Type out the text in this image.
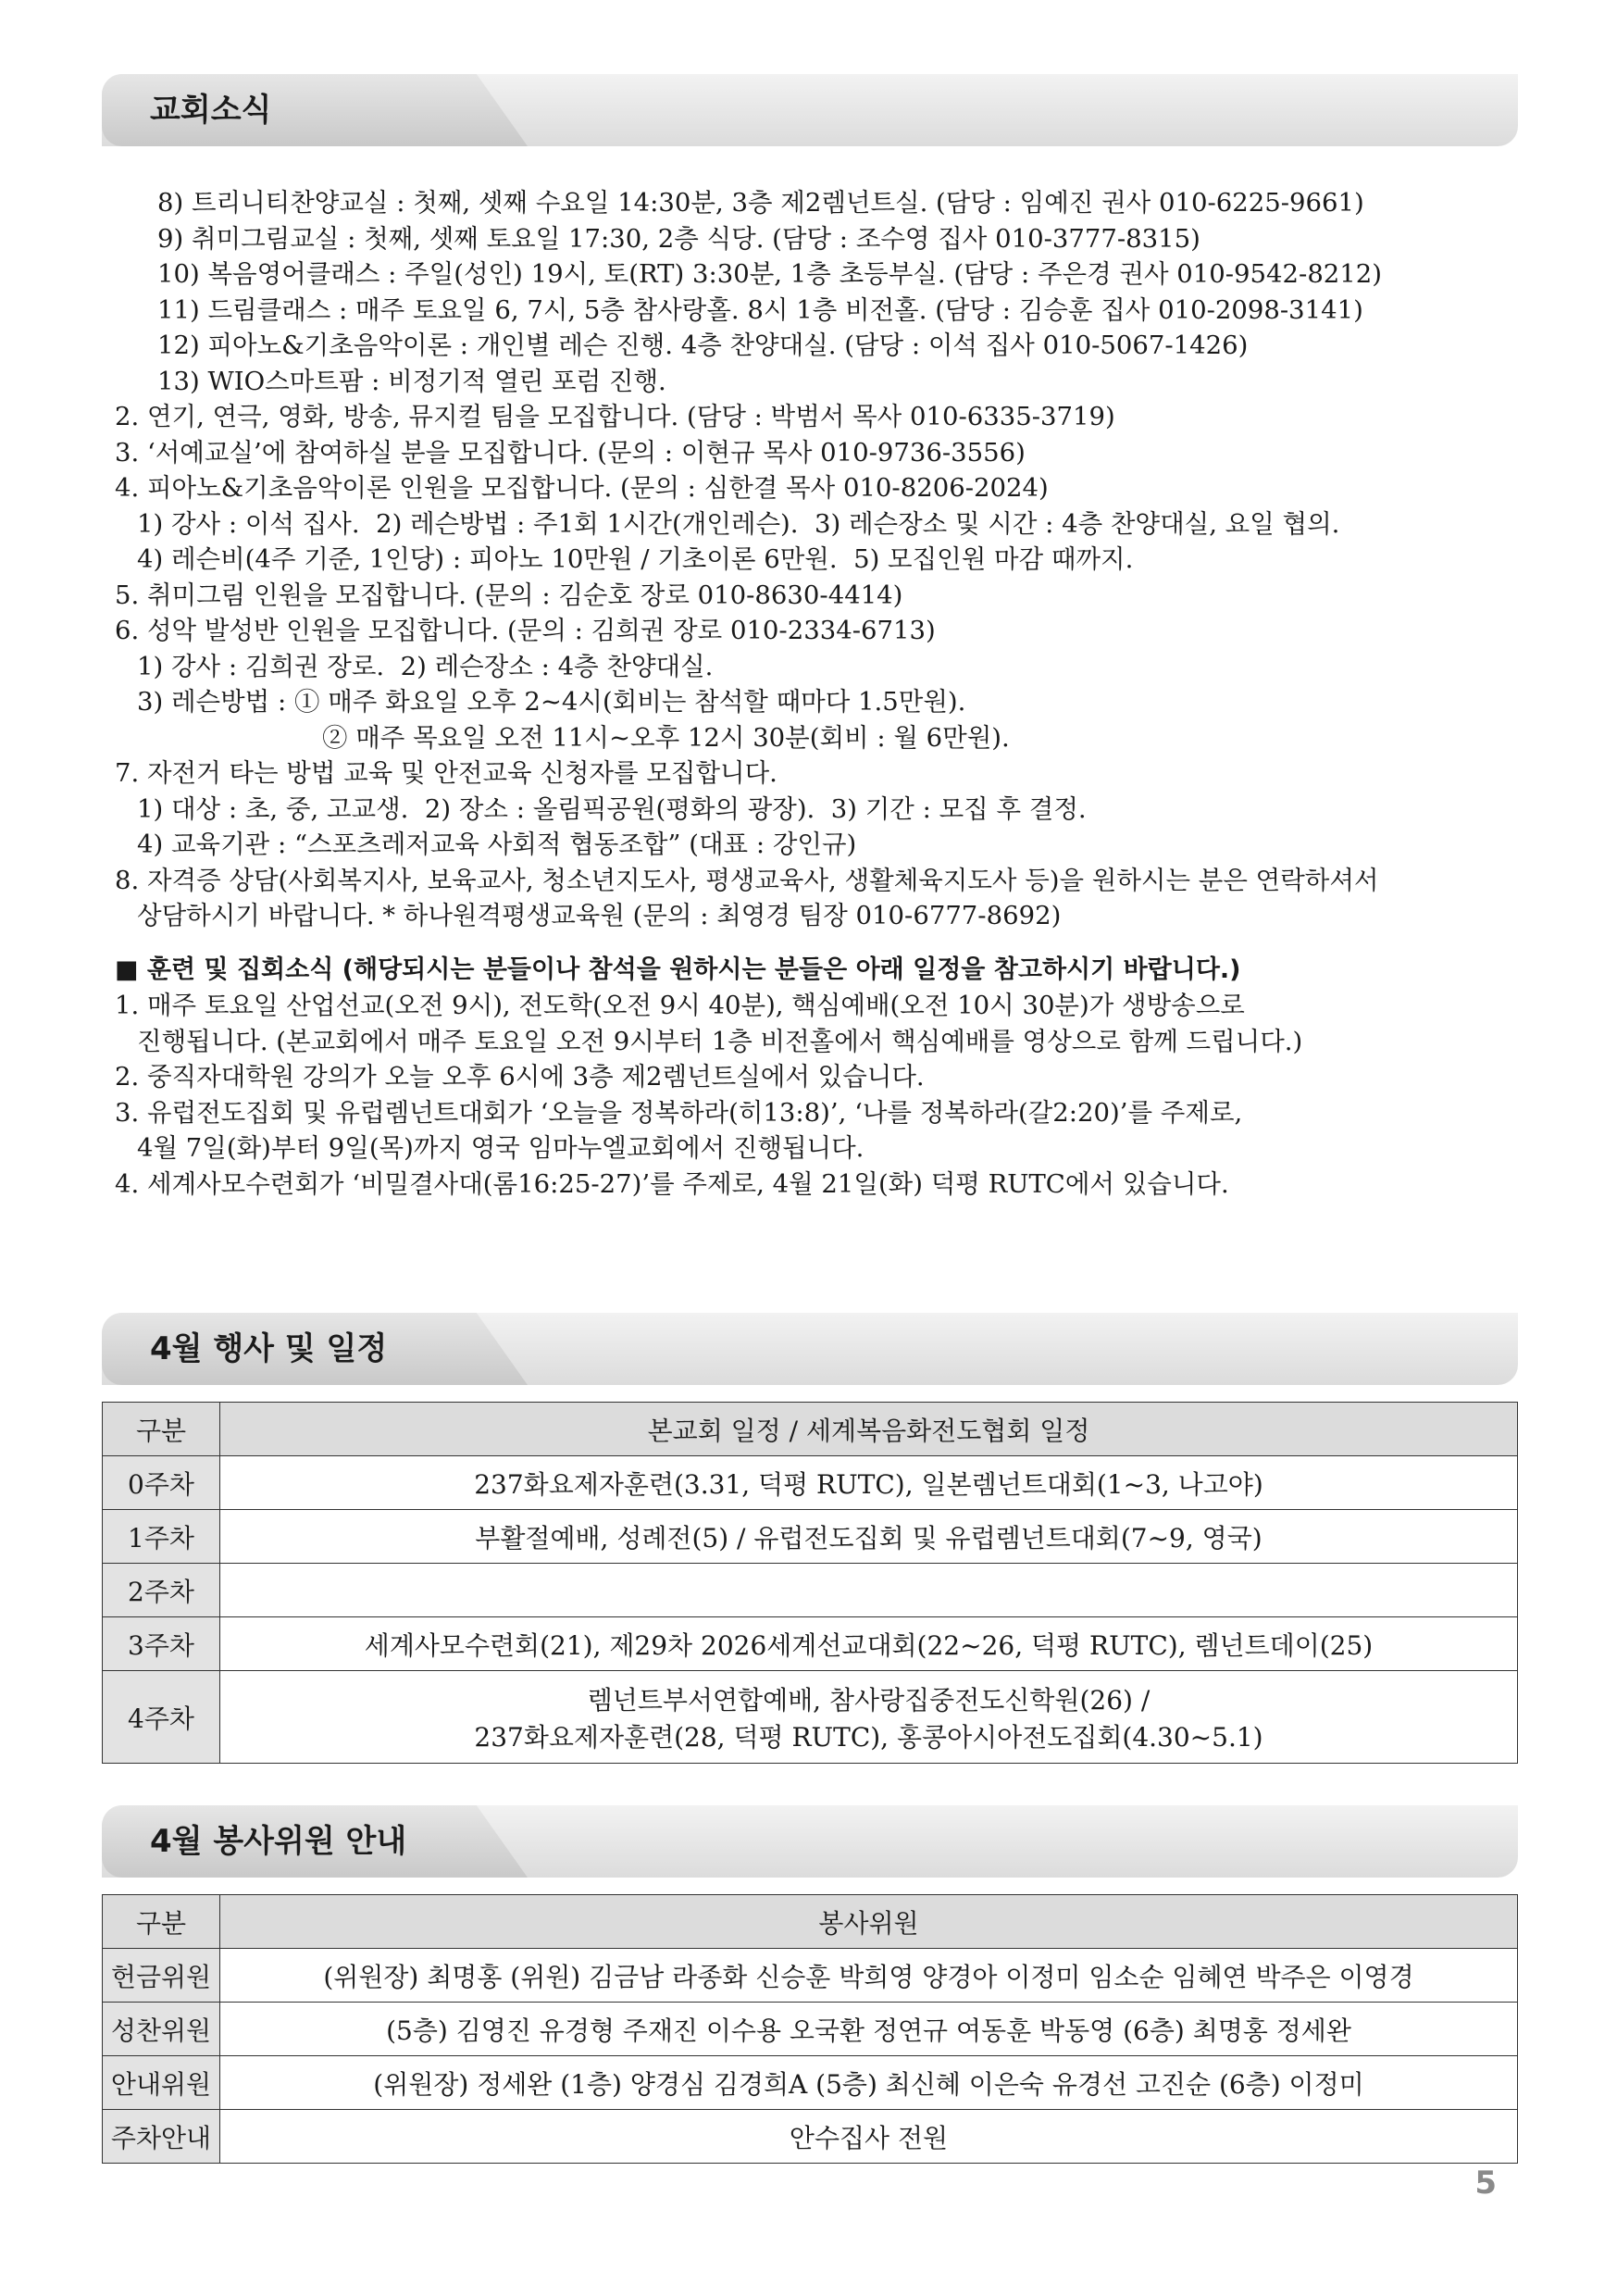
교회소식
8) 트리니티찬양교실 : 첫째, 셋째 수요일 14:30분, 3층 제2렘넌트실. (담당 : 임예진 권사 010-6225-9661)
9) 취미그림교실 : 첫째, 셋째 토요일 17:30, 2층 식당. (담당 : 조수영 집사 010-3777-8315)
10) 복음영어클래스 : 주일(성인) 19시, 토(RT) 3:30분, 1층 초등부실. (담당 : 주은경 권사 010-9542-8212)
11) 드림클래스 : 매주 토요일 6, 7시, 5층 참사랑홀. 8시 1층 비전홀. (담당 : 김승훈 집사 010-2098-3141)
12) 피아노&기초음악이론 : 개인별 레슨 진행. 4층 찬양대실. (담당 : 이석 집사 010-5067-1426)
13) WIO스마트팜 : 비정기적 열린 포럼 진행.
2. 연기, 연극, 영화, 방송, 뮤지컬 팀을 모집합니다. (담당 : 박범서 목사 010-6335-3719)
3. ‘서예교실’에 참여하실 분을 모집합니다. (문의 : 이현규 목사 010-9736-3556)
4. 피아노&기초음악이론 인원을 모집합니다. (문의 : 심한결 목사 010-8206-2024)
1) 강사 : 이석 집사.  2) 레슨방법 : 주1회 1시간(개인레슨).  3) 레슨장소 및 시간 : 4층 찬양대실, 요일 협의.
4) 레슨비(4주 기준, 1인당) : 피아노 10만원 / 기초이론 6만원.  5) 모집인원 마감 때까지.
5. 취미그림 인원을 모집합니다. (문의 : 김순호 장로 010-8630-4414)
6. 성악 발성반 인원을 모집합니다. (문의 : 김희권 장로 010-2334-6713)
1) 강사 : 김희권 장로.  2) 레슨장소 : 4층 찬양대실.
3) 레슨방법 : ① 매주 화요일 오후 2~4시(회비는 참석할 때마다 1.5만원).
② 매주 목요일 오전 11시~오후 12시 30분(회비 : 월 6만원).
7. 자전거 타는 방법 교육 및 안전교육 신청자를 모집합니다.
1) 대상 : 초, 중, 고교생.  2) 장소 : 올림픽공원(평화의 광장).  3) 기간 : 모집 후 결정.
4) 교육기관 : “스포츠레저교육 사회적 협동조합” (대표 : 강인규)
8. 자격증 상담(사회복지사, 보육교사, 청소년지도사, 평생교육사, 생활체육지도사 등)을 원하시는 분은 연락하셔서
상담하시기 바랍니다. * 하나원격평생교육원 (문의 : 최영경 팀장 010-6777-8692)
■ 훈련 및 집회소식 (해당되시는 분들이나 참석을 원하시는 분들은 아래 일정을 참고하시기 바랍니다.)
1. 매주 토요일 산업선교(오전 9시), 전도학(오전 9시 40분), 핵심예배(오전 10시 30분)가 생방송으로
진행됩니다. (본교회에서 매주 토요일 오전 9시부터 1층 비전홀에서 핵심예배를 영상으로 함께 드립니다.)
2. 중직자대학원 강의가 오늘 오후 6시에 3층 제2렘넌트실에서 있습니다.
3. 유럽전도집회 및 유럽렘넌트대회가 ‘오늘을 정복하라(히13:8)’, ‘나를 정복하라(갈2:20)’를 주제로,
4월 7일(화)부터 9일(목)까지 영국 임마누엘교회에서 진행됩니다.
4. 세계사모수련회가 ‘비밀결사대(롬16:25-27)’를 주제로, 4월 21일(화) 덕평 RUTC에서 있습니다.
4월 행사 및 일정
구분	본교회 일정 / 세계복음화전도협회 일정
0주차	237화요제자훈련(3.31, 덕평 RUTC), 일본렘넌트대회(1~3, 나고야)
1주차	부활절예배, 성례전(5) / 유럽전도집회 및 유럽렘넌트대회(7~9, 영국)
2주차	
3주차	세계사모수련회(21), 제29차 2026세계선교대회(22~26, 덕평 RUTC), 렘넌트데이(25)
4주차	렘넌트부서연합예배, 참사랑집중전도신학원(26) /
237화요제자훈련(28, 덕평 RUTC), 홍콩아시아전도집회(4.30~5.1)
4월 봉사위원 안내
구분	봉사위원
헌금위원	(위원장) 최명홍 (위원) 김금남 라종화 신승훈 박희영 양경아 이정미 임소순 임혜연 박주은 이영경
성찬위원	(5층) 김영진 유경형 주재진 이수용 오국환 정연규 여동훈 박동영 (6층) 최명홍 정세완
안내위원	(위원장) 정세완 (1층) 양경심 김경희A (5층) 최신혜 이은숙 유경선 고진순 (6층) 이정미
주차안내	안수집사 전원
5
